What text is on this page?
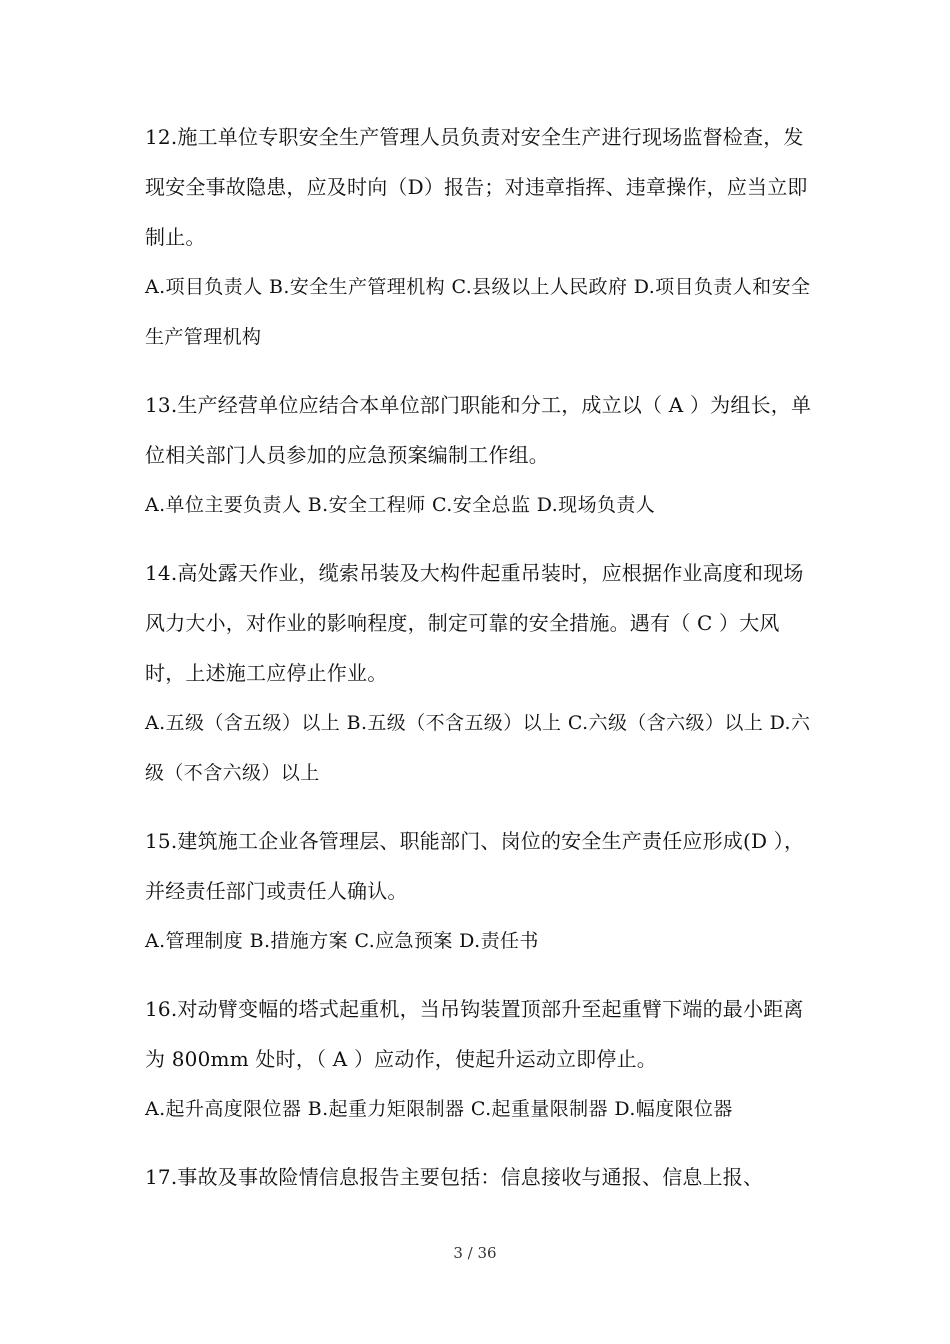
12.施工单位专职安全生产管理人员负责对安全生产进行现场监督检查，发现安全事故隐患，应及时向（D）报告；对违章指挥、违章操作，应当立即制止。

A.项目负责人 B.安全生产管理机构 C.县级以上人民政府 D.项目负责人和安全生产管理机构

13.生产经营单位应结合本单位部门职能和分工，成立以（ A ）为组长，单位相关部门人员参加的应急预案编制工作组。

A.单位主要负责人 B.安全工程师 C.安全总监 D.现场负责人

14.高处露天作业，缆索吊装及大构件起重吊装时，应根据作业高度和现场风力大小，对作业的影响程度，制定可靠的安全措施。遇有（ C ）大风时，上述施工应停止作业。

A.五级（含五级）以上 B.五级（不含五级）以上 C.六级（含六级）以上 D.六级（不含六级）以上

15.建筑施工企业各管理层、职能部门、岗位的安全生产责任应形成(D ），并经责任部门或责任人确认。

A.管理制度 B.措施方案 C.应急预案 D.责任书

16.对动臂变幅的塔式起重机，当吊钩装置顶部升至起重臂下端的最小距离为 800mm 处时，（ A ）应动作，使起升运动立即停止。

A.起升高度限位器 B.起重力矩限制器 C.起重量限制器 D.幅度限位器

17.事故及事故险情信息报告主要包括：信息接收与通报、信息上报、

3 / 36
